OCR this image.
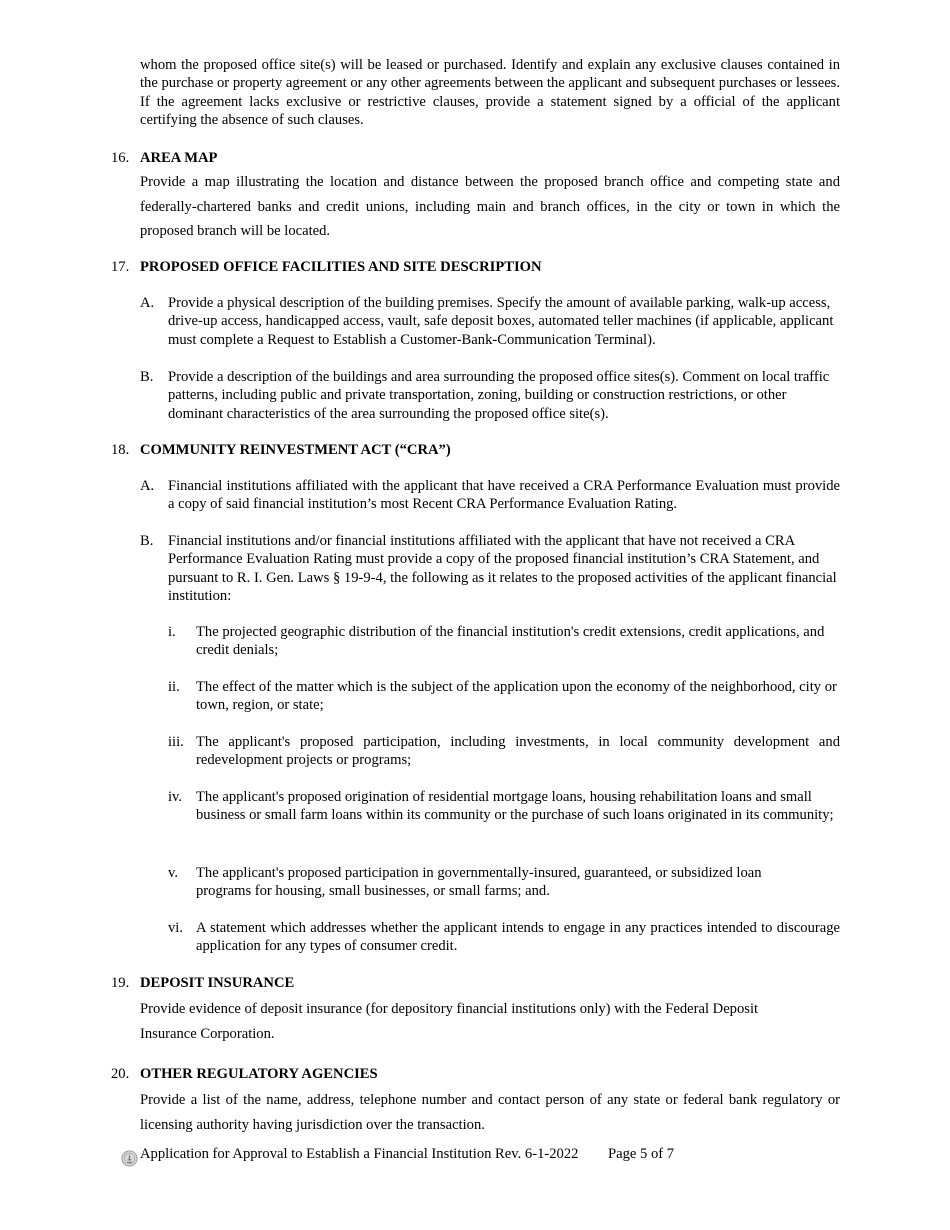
whom the proposed office site(s) will be leased or purchased. Identify and explain any exclusive clauses contained in the purchase or property agreement or any other agreements between the applicant and subsequent purchases or lessees. If the agreement lacks exclusive or restrictive clauses, provide a statement signed by a official of the applicant certifying the absence of such clauses.
16. AREA MAP
Provide a map illustrating the location and distance between the proposed branch office and competing state and federally-chartered banks and credit unions, including main and branch offices, in the city or town in which the proposed branch will be located.
17. PROPOSED OFFICE FACILITIES AND SITE DESCRIPTION
A. Provide a physical description of the building premises. Specify the amount of available parking, walk-up access, drive-up access, handicapped access, vault, safe deposit boxes, automated teller machines (if applicable, applicant must complete a Request to Establish a Customer-Bank-Communication Terminal).
B.	Provide a description of the buildings and area surrounding the proposed office sites(s). Comment on local traffic patterns, including public and private transportation, zoning, building or construction restrictions, or other dominant characteristics of the area surrounding the proposed office site(s).
18. COMMUNITY REINVESTMENT ACT (“CRA”)
A. Financial institutions affiliated with the applicant that have received a CRA Performance Evaluation must provide a copy of said financial institution’s most Recent CRA Performance Evaluation Rating.
B.	Financial institutions and/or financial institutions affiliated with the applicant that have not received a CRA Performance Evaluation Rating must provide a copy of the proposed financial institution’s CRA Statement, and pursuant to R. I. Gen. Laws § 19-9-4, the following as it relates to the proposed activities of the applicant financial institution:
i.	The projected geographic distribution of the financial institution's credit extensions, credit applications, and credit denials;
ii.	The effect of the matter which is the subject of the application upon the economy of the neighborhood, city or town, region, or state;
iii. The applicant's proposed participation, including investments, in local community development and redevelopment projects or programs;
iv. The applicant's proposed origination of residential mortgage loans, housing rehabilitation loans and small business or small farm loans within its community or the purchase of such loans originated in its community;
v.	The applicant's proposed participation in governmentally-insured, guaranteed, or subsidized loan programs for housing, small businesses, or small farms; and.
vi. A statement which addresses whether the applicant intends to engage in any practices intended to discourage application for any types of consumer credit.
19. DEPOSIT INSURANCE
Provide evidence of deposit insurance (for depository financial institutions only) with the Federal Deposit Insurance Corporation.
20. OTHER REGULATORY AGENCIES
Provide a list of the name, address, telephone number and contact person of any state or federal bank regulatory or licensing authority having jurisdiction over the transaction.
Application for Approval to Establish a Financial Institution Rev. 6-1-2022 Page 5 of 7
